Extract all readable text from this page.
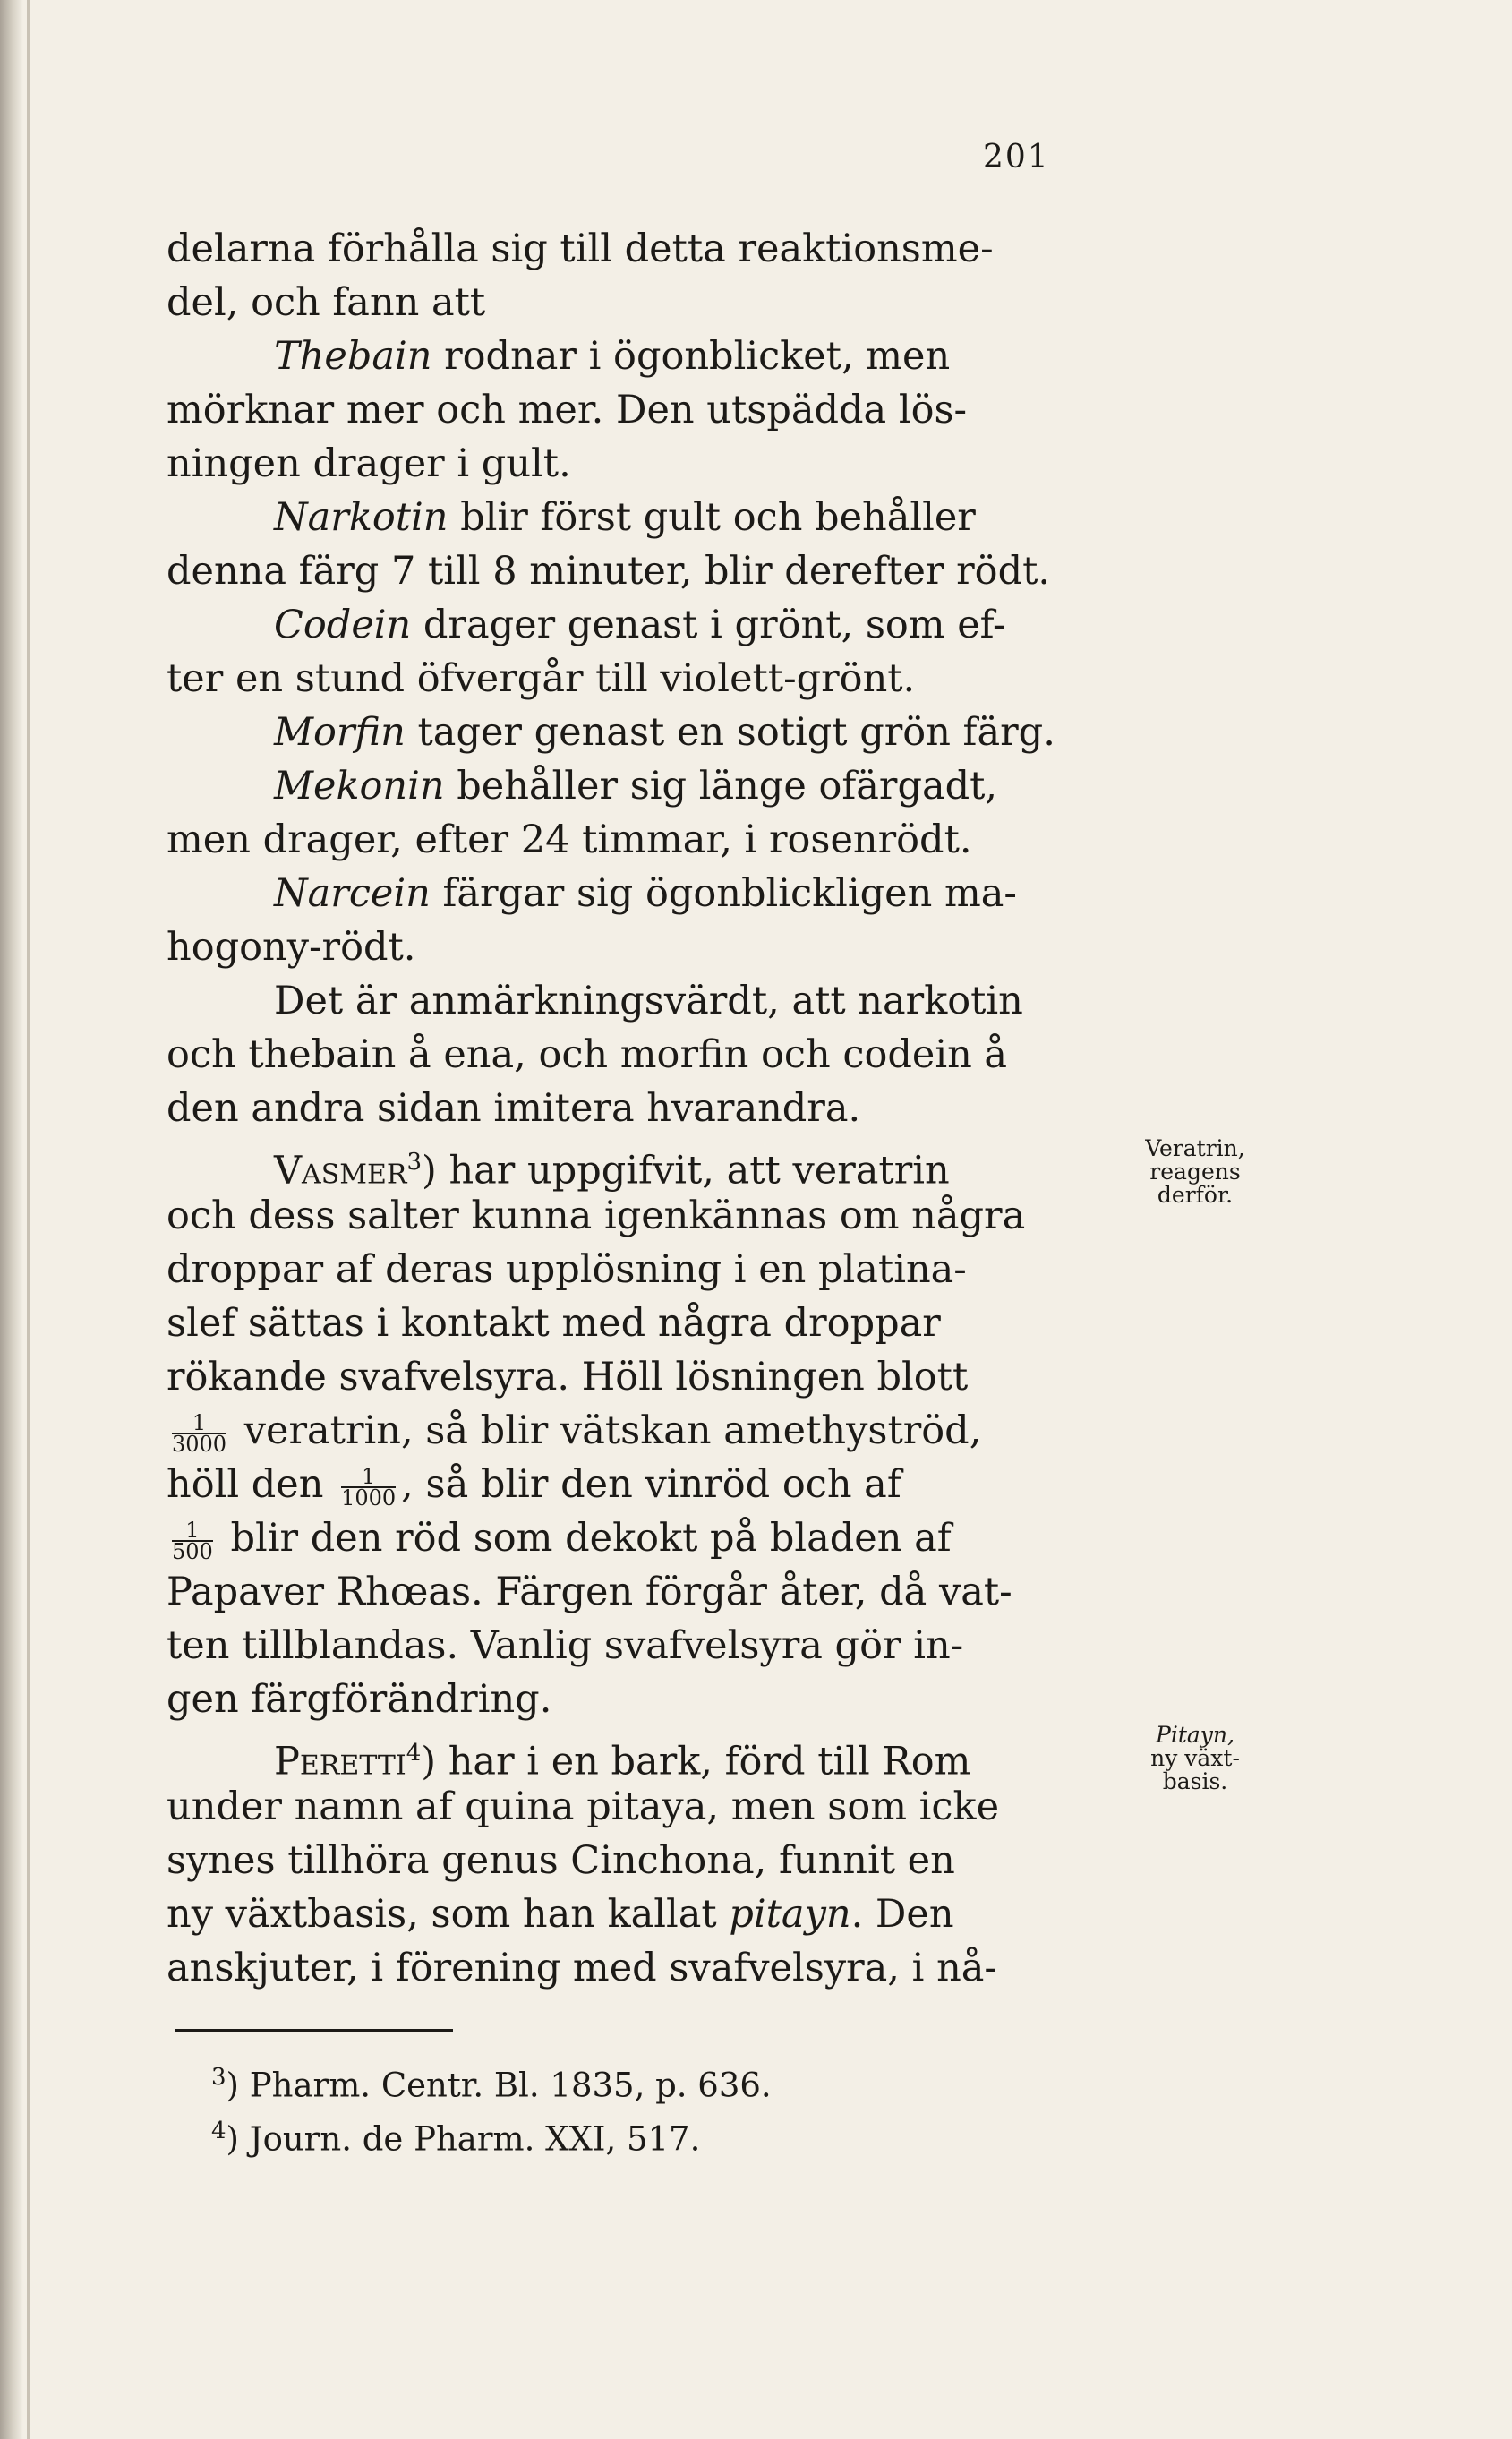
201
delarna förhålla sig till detta reaktionsme-
del, och fann att
Thebain rodnar i ögonblicket, men
mörknar mer och mer. Den utspädda lös-
ningen drager i gult.
Narkotin blir först gult och behåller
denna färg 7 till 8 minuter, blir derefter rödt.
Codein drager genast i grönt, som ef-
ter en stund öfvergår till violett-grönt.
Morfin tager genast en sotigt grön färg.
Mekonin behåller sig länge ofärgadt,
men drager, efter 24 timmar, i rosenrödt.
Narcein färgar sig ögonblickligen ma-
hogony-rödt.
Det är anmärkningsvärdt, att narkotin
och thebain å ena, och morfin och codein å
den andra sidan imitera hvarandra.
Vasmer$^3$) har uppgifvit, att veratrin
och dess salter kunna igenkännas om några
droppar af deras upplösning i en platina-
slef sättas i kontakt med några droppar
rökande svafvelsyra. Höll lösningen blott
$\frac{1}{3000}$ veratrin, så blir vätskan amethyströd,
höll den $\frac{1}{1000}$ , så blir den vinröd och af
$\frac{1}{500}$ blir den röd som dekokt på bladen af
Papaver Rhœas. Färgen förgår åter, då vat-
ten tillblandas. Vanlig svafvelsyra gör in-
gen färgförändring.
Peretti$^4$) har i en bark, förd till Rom
under namn af quina pitaya, men som icke
synes tillhöra genus Cinchona, funnit en
ny växtbasis, som han kallat pitayn. Den
anskjuter, i förening med svafvelsyra, i nå-
Veratrin,
reagens
derför.
Pitayn,
ny växt-
basis.
$^3$) Pharm. Centr. Bl. 1835, p. 636.
$^4$) Journ. de Pharm. XXI, 517.
